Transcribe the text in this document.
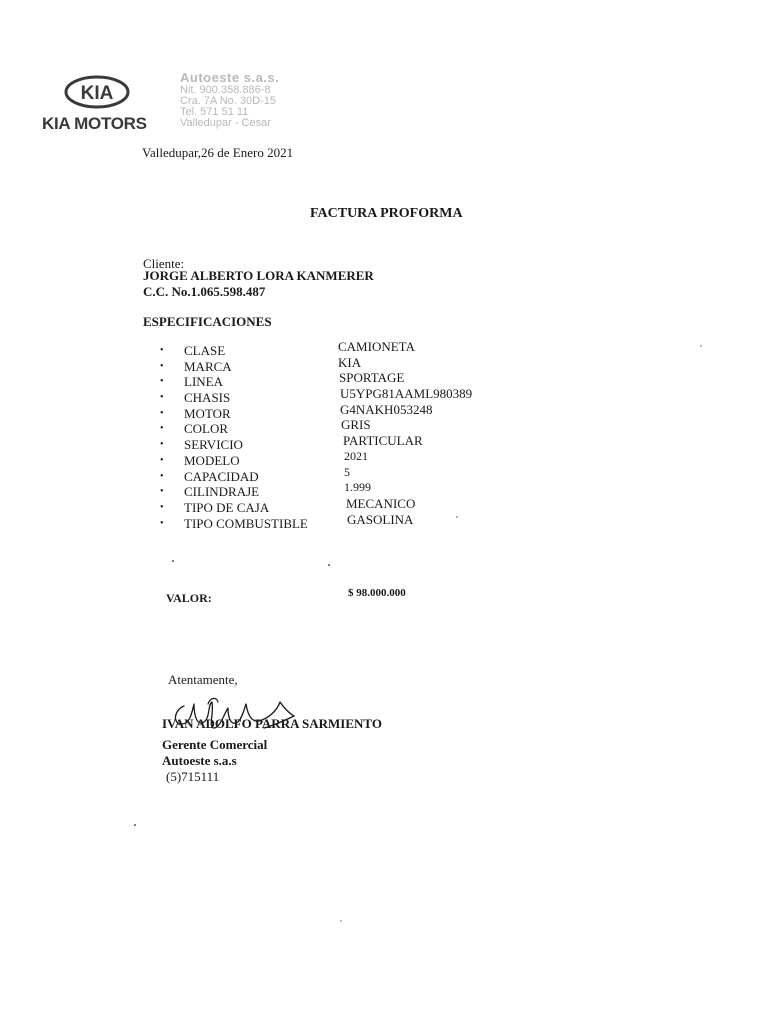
KIA
KIA MOTORS
Autoeste s.a.s.
Nit. 900.358.886-8
Cra. 7A No. 30D-15
Tel. 571 51 11
Valledupar - Cesar
Valledupar,26 de Enero 2021
FACTURA PROFORMA
Cliente:
JORGE ALBERTO LORA KANMERER
C.C. No.1.065.598.487
ESPECIFICACIONES
• CLASE	CAMIONETA
• MARCA	KIA
• LINEA	SPORTAGE
• CHASIS	U5YPG81AAML980389
• MOTOR	G4NAKH053248
• COLOR	GRIS
• SERVICIO	PARTICULAR
• MODELO	2021
• CAPACIDAD	5
• CILINDRAJE	1.999
• TIPO DE CAJA	MECANICO
• TIPO COMBUSTIBLE	GASOLINA
VALOR:	$ 98.000.000
Atentamente,
IVAN ADOLFO PARRA SARMIENTO
Gerente Comercial
Autoeste s.a.s
(5)715111
